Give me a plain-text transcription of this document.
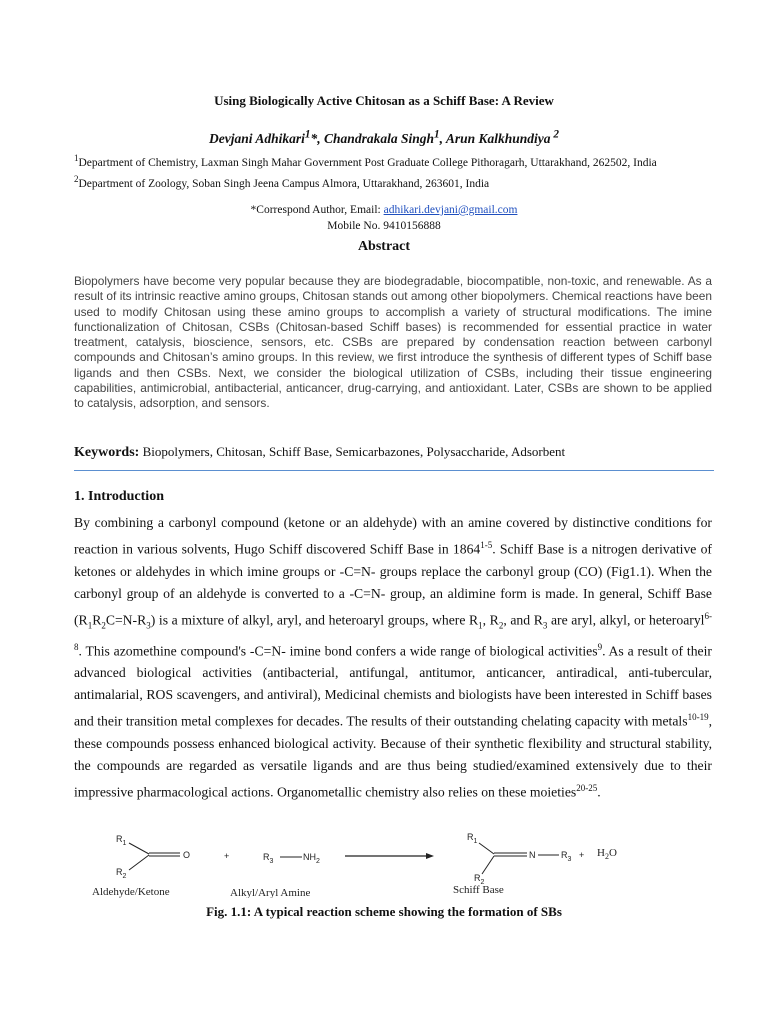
Using Biologically Active Chitosan as a Schiff Base: A Review
Devjani Adhikari$^1$*, Chandrakala Singh$^1$, Arun Kalkhundiya $^2$
$^1$Department of Chemistry, Laxman Singh Mahar Government Post Graduate College Pithoragarh, Uttarakhand, 262502, India
$^2$Department of Zoology, Soban Singh Jeena Campus Almora, Uttarakhand, 263601, India
*Correspond Author, Email: adhikari.devjani@gmail.com
Mobile No. 9410156888
Abstract
Biopolymers have become very popular because they are biodegradable, biocompatible, non-toxic, and renewable. As a result of its intrinsic reactive amino groups, Chitosan stands out among other biopolymers. Chemical reactions have been used to modify Chitosan using these amino groups to accomplish a variety of structural modifications. The imine functionalization of Chitosan, CSBs (Chitosan-based Schiff bases) is recommended for essential practice in water treatment, catalysis, bioscience, sensors, etc. CSBs are prepared by condensation reaction between carbonyl compounds and Chitosan’s amino groups. In this review, we first introduce the synthesis of different types of Schiff base ligands and then CSBs. Next, we consider the biological utilization of CSBs, including their tissue engineering capabilities, antimicrobial, antibacterial, anticancer, drug-carrying, and antioxidant. Later, CSBs are shown to be applied to catalysis, adsorption, and sensors.
Keywords: Biopolymers, Chitosan, Schiff Base, Semicarbazones, Polysaccharide, Adsorbent
1. Introduction
By combining a carbonyl compound (ketone or an aldehyde) with an amine covered by distinctive conditions for reaction in various solvents, Hugo Schiff discovered Schiff Base in 1864$^{1-5}$. Schiff Base is a nitrogen derivative of ketones or aldehydes in which imine groups or -C=N- groups replace the carbonyl group (CO) (Fig1.1). When the carbonyl group of an aldehyde is converted to a -C=N- group, an aldimine form is made. In general, Schiff Base $(R_1R_2C=N-R_3)$ is a mixture of alkyl, aryl, and heteroaryl groups, where $R_1$, $R_2$, and $R_3$ are aryl, alkyl, or heteroaryl$^{6-8}$. This azomethine compound's -C=N- imine bond confers a wide range of biological activities$^9$. As a result of their advanced biological activities (antibacterial, antifungal, antitumor, anticancer, antiradical, anti-tubercular, antimalarial, ROS scavengers, and antiviral), Medicinal chemists and biologists have been interested in Schiff bases and their transition metal complexes for decades. The results of their outstanding chelating capacity with metals$^{10-19}$, these compounds possess enhanced biological activity. Because of their synthetic flexibility and structural stability, the compounds are regarded as versatile ligands and are thus being studied/examined extensively due to their impressive pharmacological actions. Organometallic chemistry also relies on these moieties$^{20-25}$.
$R_1$
O
$R_2$
+	$R_3$	$NH_2$
$R_1$
N	$R_3$ +
$R_2$
$H_2O$
Aldehyde/Ketone	Alkyl/Aryl Amine	Schiff Base
Fig. 1.1: A typical reaction scheme showing the formation of SBs
